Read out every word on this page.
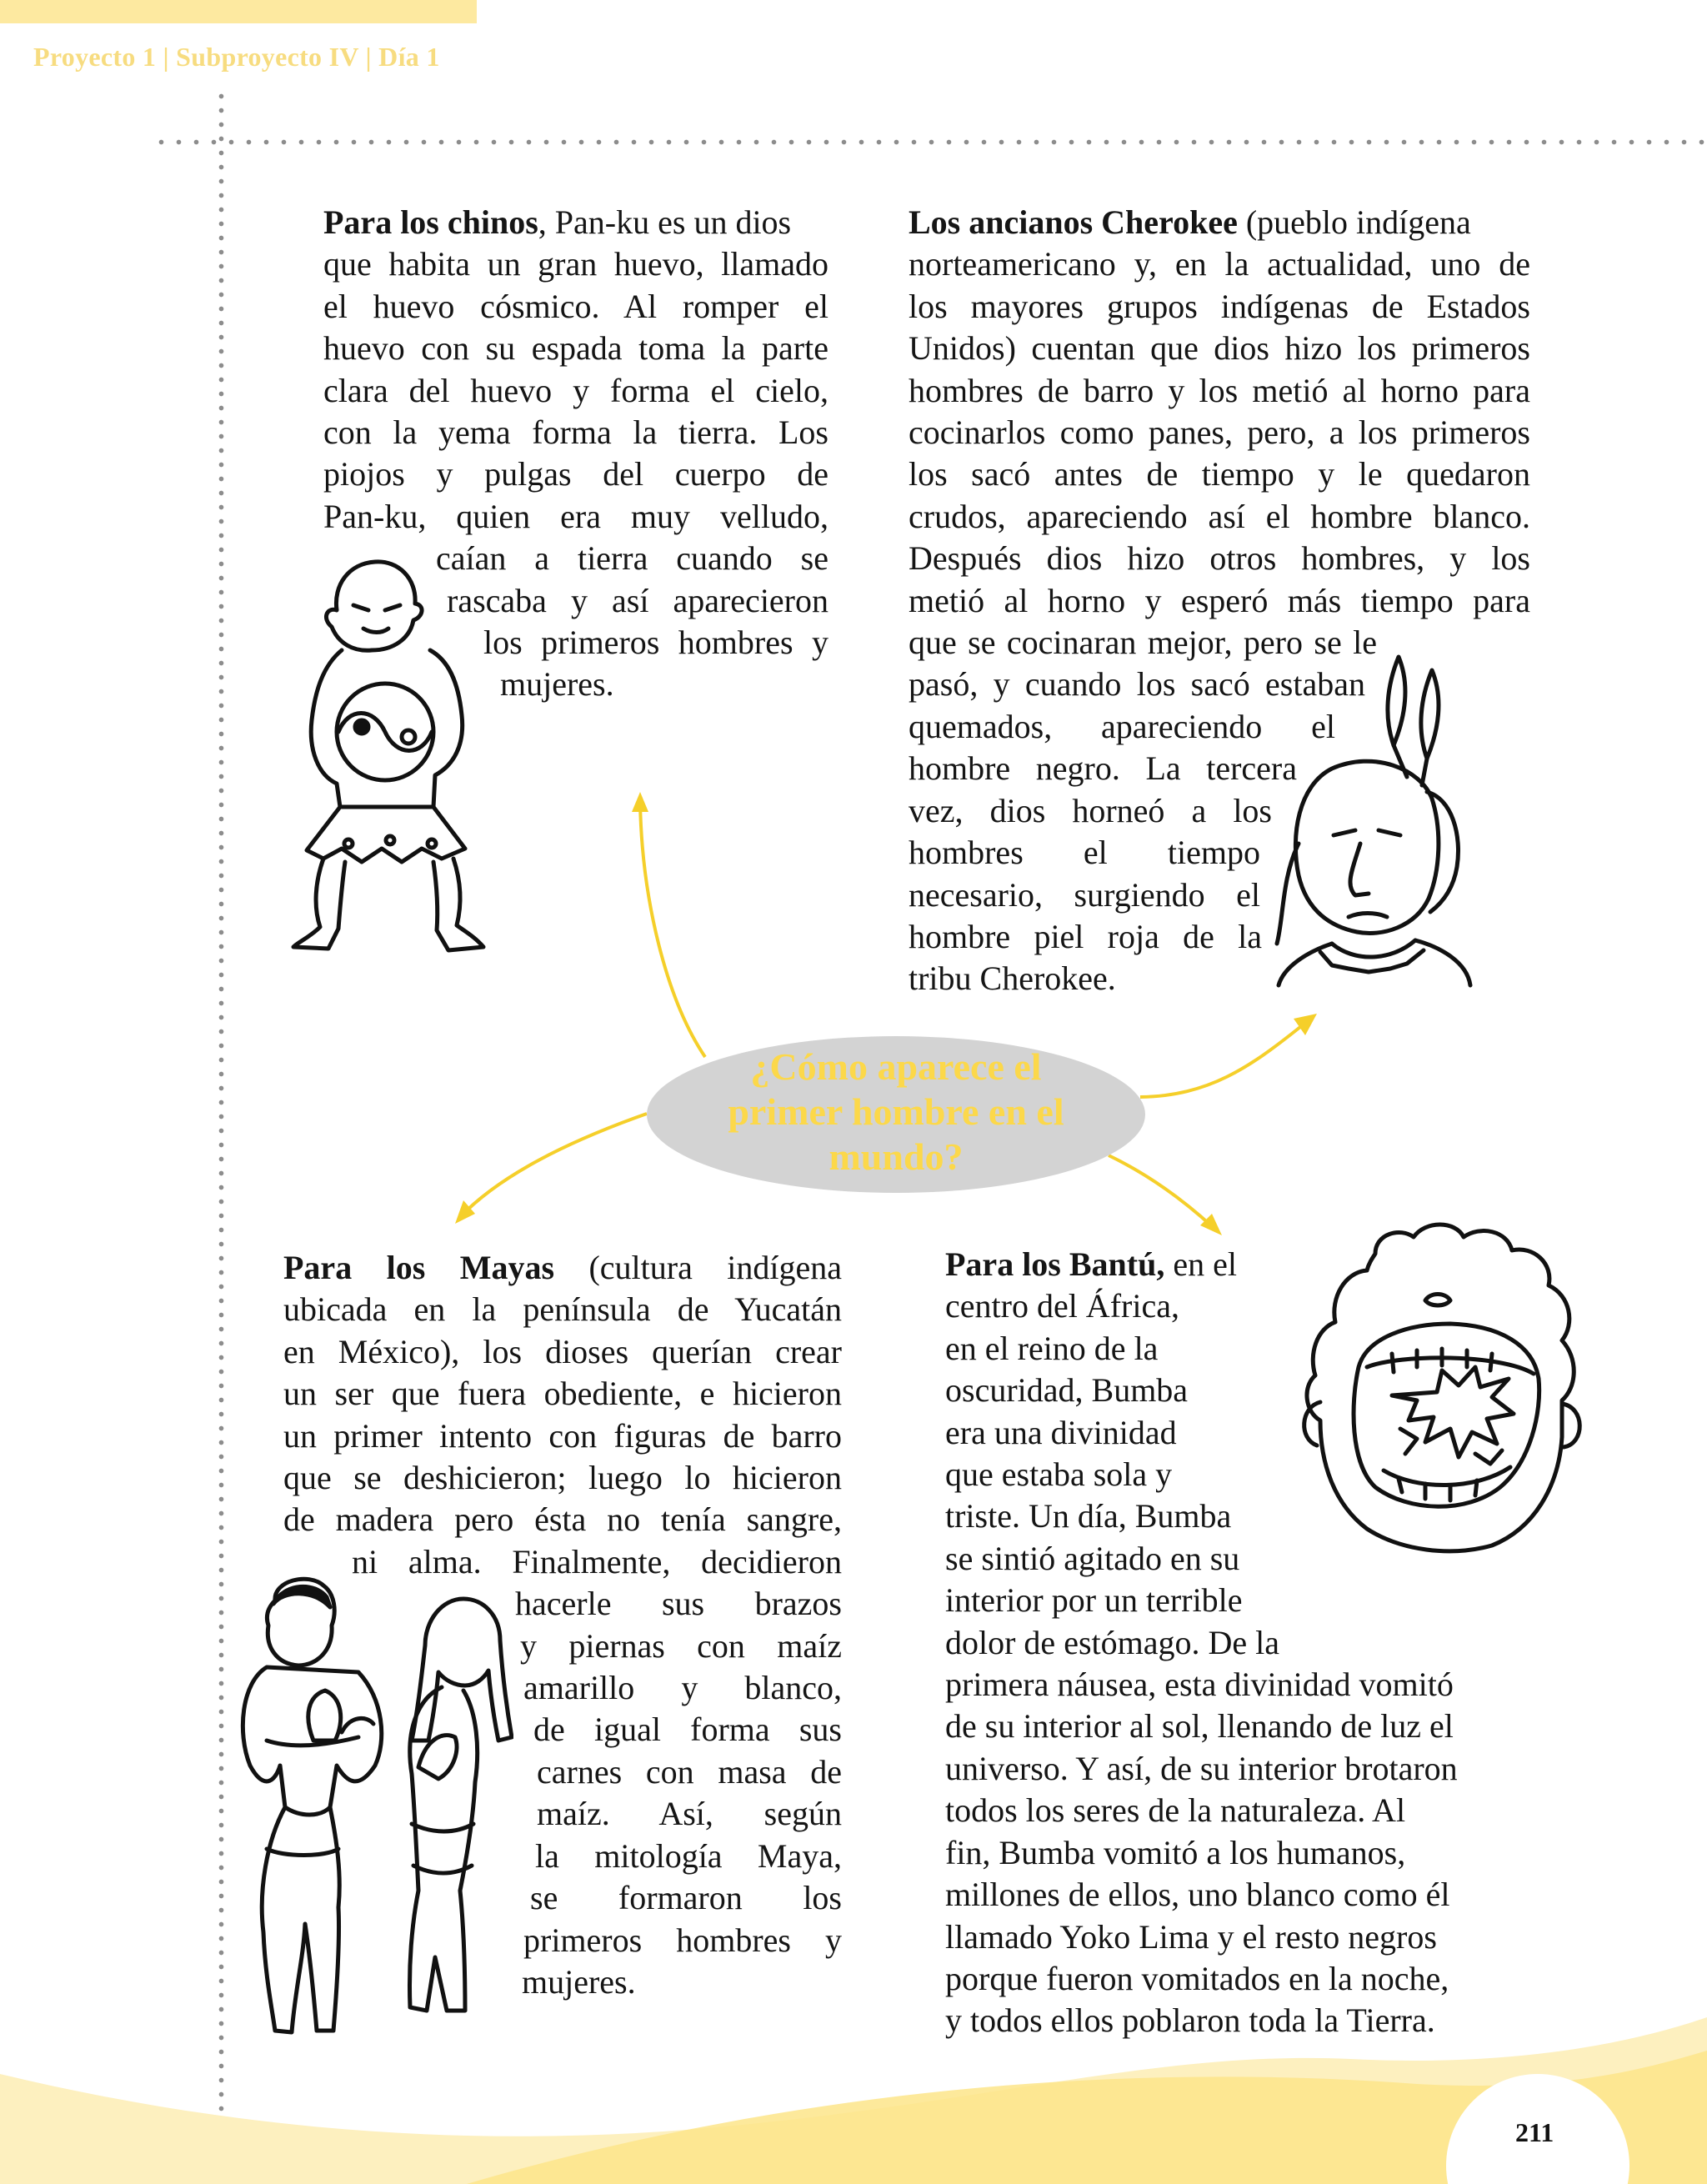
Proyecto 1 | Subproyecto IV | Día 1
Para los chinos, Pan-ku es un dios
que habita un gran huevo, llamado
el huevo cósmico. Al romper el
huevo con su espada toma la parte
clara del huevo y forma el cielo,
con la yema forma la tierra. Los
piojos y pulgas del cuerpo de
Pan-ku, quien era muy velludo,
caían a tierra cuando se
rascaba y así aparecieron
los primeros hombres y
mujeres.
Los ancianos Cherokee (pueblo indígena
norteamericano y, en la actualidad, uno de
los mayores grupos indígenas de Estados
Unidos) cuentan que dios hizo los primeros
hombres de barro y los metió al horno para
cocinarlos como panes, pero, a los primeros
los sacó antes de tiempo y le quedaron
crudos, apareciendo así el hombre blanco.
Después dios hizo otros hombres, y los
metió al horno y esperó más tiempo para
que se cocinaran mejor, pero se le
pasó, y cuando los sacó estaban
quemados, apareciendo el
hombre negro. La tercera
vez, dios horneó a los
hombres el tiempo
necesario, surgiendo el
hombre piel roja de la
tribu Cherokee.
Para los Mayas (cultura indígena
ubicada en la península de Yucatán
en México), los dioses querían crear
un ser que fuera obediente, e hicieron
un primer intento con figuras de barro
que se deshicieron; luego lo hicieron
de madera pero ésta no tenía sangre,
ni alma. Finalmente, decidieron
hacerle sus brazos
y piernas con maíz
amarillo y blanco,
de igual forma sus
carnes con masa de
maíz. Así, según
la mitología Maya,
se formaron los
primeros hombres y
mujeres.
Para los Bantú, en el
centro del África,
en el reino de la
oscuridad, Bumba
era una divinidad
que estaba sola y
triste. Un día, Bumba
se sintió agitado en su
interior por un terrible
dolor de estómago. De la
primera náusea, esta divinidad vomitó
de su interior al sol, llenando de luz el
universo. Y así, de su interior brotaron
todos los seres de la naturaleza. Al
fin, Bumba vomitó a los humanos,
millones de ellos, uno blanco como él
llamado Yoko Lima y el resto negros
porque fueron vomitados en la noche,
y todos ellos poblaron toda la Tierra.
¿Cómo aparece el
primer hombre en el
mundo?
211
